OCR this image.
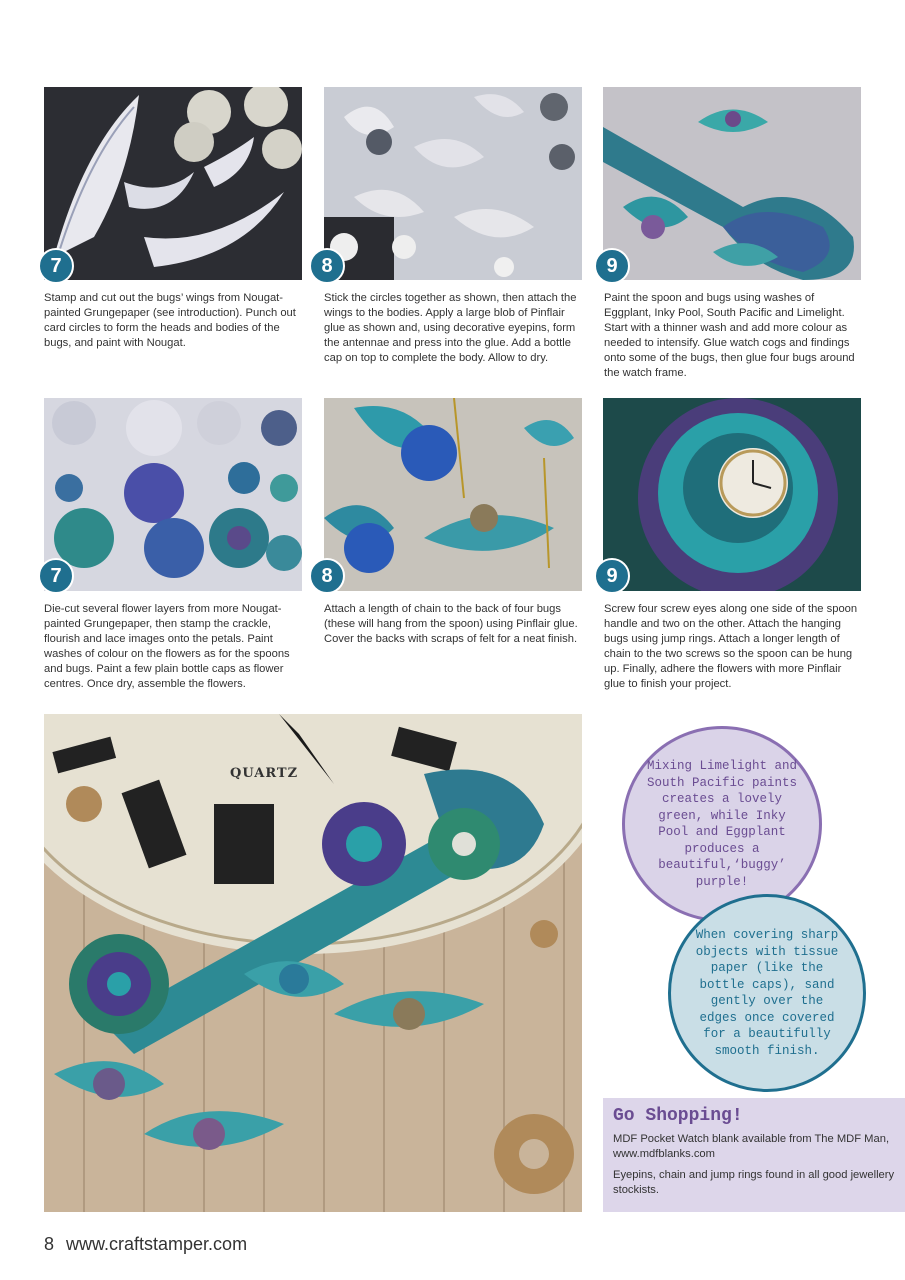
7	8	9
Stamp and cut out the bugs’ wings from Nougat-painted Grungepaper (see introduction). Punch out card circles to form the heads and bodies of the bugs, and paint with Nougat.
Stick the circles together as shown, then attach the wings to the bodies. Apply a large blob of Pinflair glue as shown and, using decorative eyepins, form the antennae and press into the glue. Add a bottle cap on top to complete the body. Allow to dry.
Paint the spoon and bugs using washes of Eggplant, Inky Pool, South Pacific and Limelight. Start with a thinner wash and add more colour as needed to intensify. Glue watch cogs and findings onto some of the bugs, then glue four bugs around the watch frame.
7	8	9
Die-cut several flower layers from more Nougat-painted Grungepaper, then stamp the crackle, flourish and lace images onto the petals. Paint washes of colour on the flowers as for the spoons and bugs. Paint a few plain bottle caps as flower centres. Once dry, assemble the flowers.
Attach a length of chain to the back of four bugs (these will hang from the spoon) using Pinflair glue. Cover the backs with scraps of felt for a neat finish.
Screw four screw eyes along one side of the spoon handle and two on the other. Attach the hanging bugs using jump rings. Attach a longer length of chain to the two screws so the spoon can be hung up. Finally, adhere the flowers with more Pinflair glue to finish your project.
QUARTZ	Mixing Limelight and South Pacific paints creates a lovely green, while Inky Pool and Eggplant produces a beautiful,‘buggy’ purple!
When covering sharp objects with tissue paper (like the bottle caps), sand gently over the edges once covered for a beautifully smooth finish.
Go Shopping!

MDF Pocket Watch blank available from The MDF Man, www.mdfblanks.com

Eyepins, chain and jump rings found in all good jewellery stockists.

8 www.craftstamper.com
